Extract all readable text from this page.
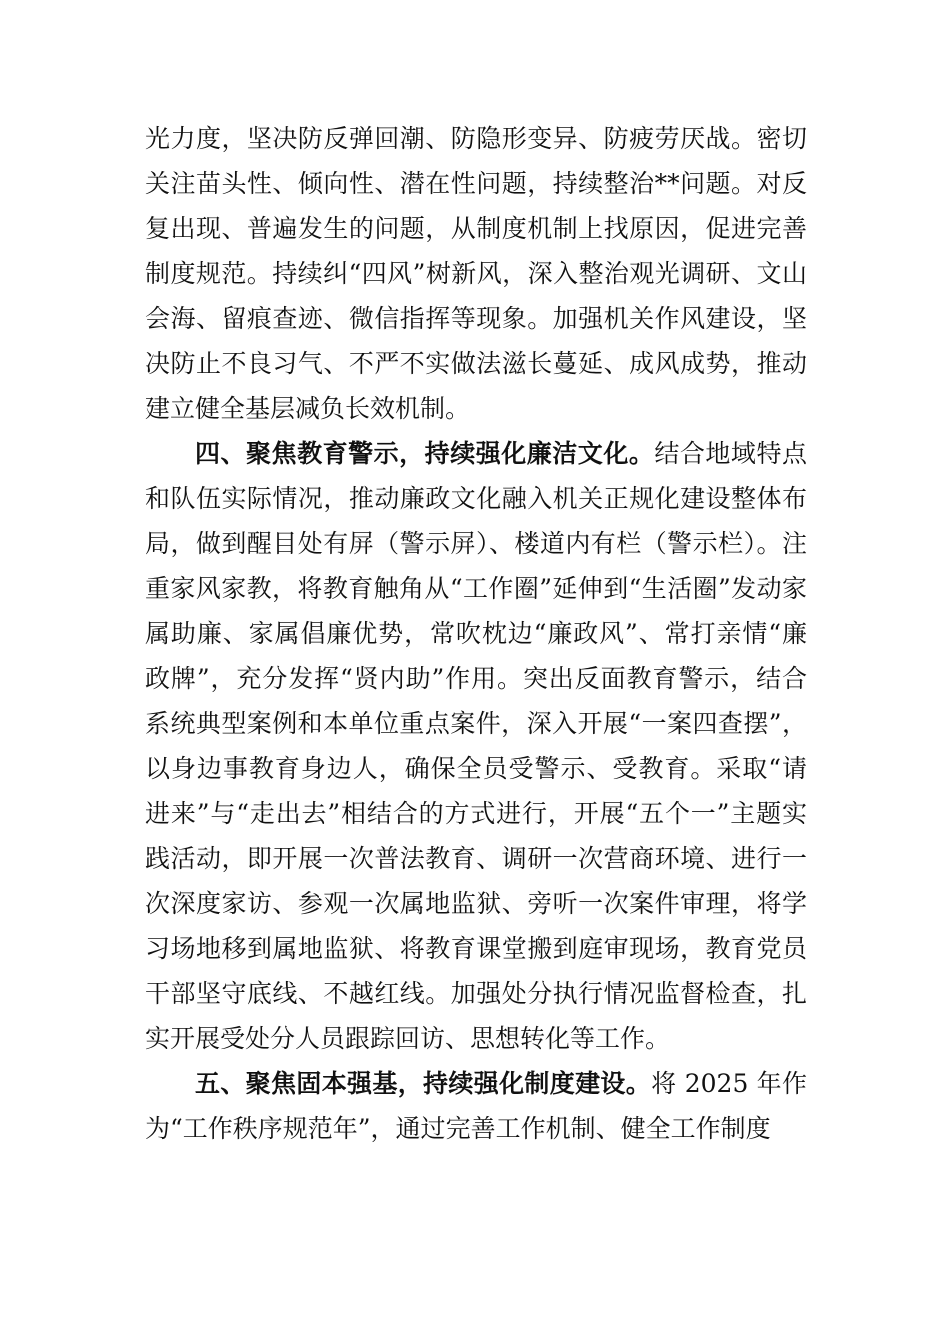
光力度，坚决防反弹回潮、防隐形变异、防疲劳厌战。密切关注苗头性、倾向性、潜在性问题，持续整治**问题。对反复出现、普遍发生的问题，从制度机制上找原因，促进完善制度规范。持续纠“四风”树新风，深入整治观光调研、文山会海、留痕查迹、微信指挥等现象。加强机关作风建设，坚决防止不良习气、不严不实做法滋长蔓延、成风成势，推动建立健全基层减负长效机制。

四、聚焦教育警示，持续强化廉洁文化。结合地域特点和队伍实际情况，推动廉政文化融入机关正规化建设整体布局，做到醒目处有屏（警示屏）、楼道内有栏（警示栏）。注重家风家教，将教育触角从“工作圈”延伸到“生活圈”发动家属助廉、家属倡廉优势，常吹枕边“廉政风”、常打亲情“廉政牌”，充分发挥“贤内助”作用。突出反面教育警示，结合系统典型案例和本单位重点案件，深入开展“一案四查摆”，以身边事教育身边人，确保全员受警示、受教育。采取“请进来”与“走出去”相结合的方式进行，开展“五个一”主题实践活动，即开展一次普法教育、调研一次营商环境、进行一次深度家访、参观一次属地监狱、旁听一次案件审理，将学习场地移到属地监狱、将教育课堂搬到庭审现场，教育党员干部坚守底线、不越红线。加强处分执行情况监督检查，扎实开展受处分人员跟踪回访、思想转化等工作。

五、聚焦固本强基，持续强化制度建设。将 2025 年作为“工作秩序规范年”，通过完善工作机制、健全工作制度
